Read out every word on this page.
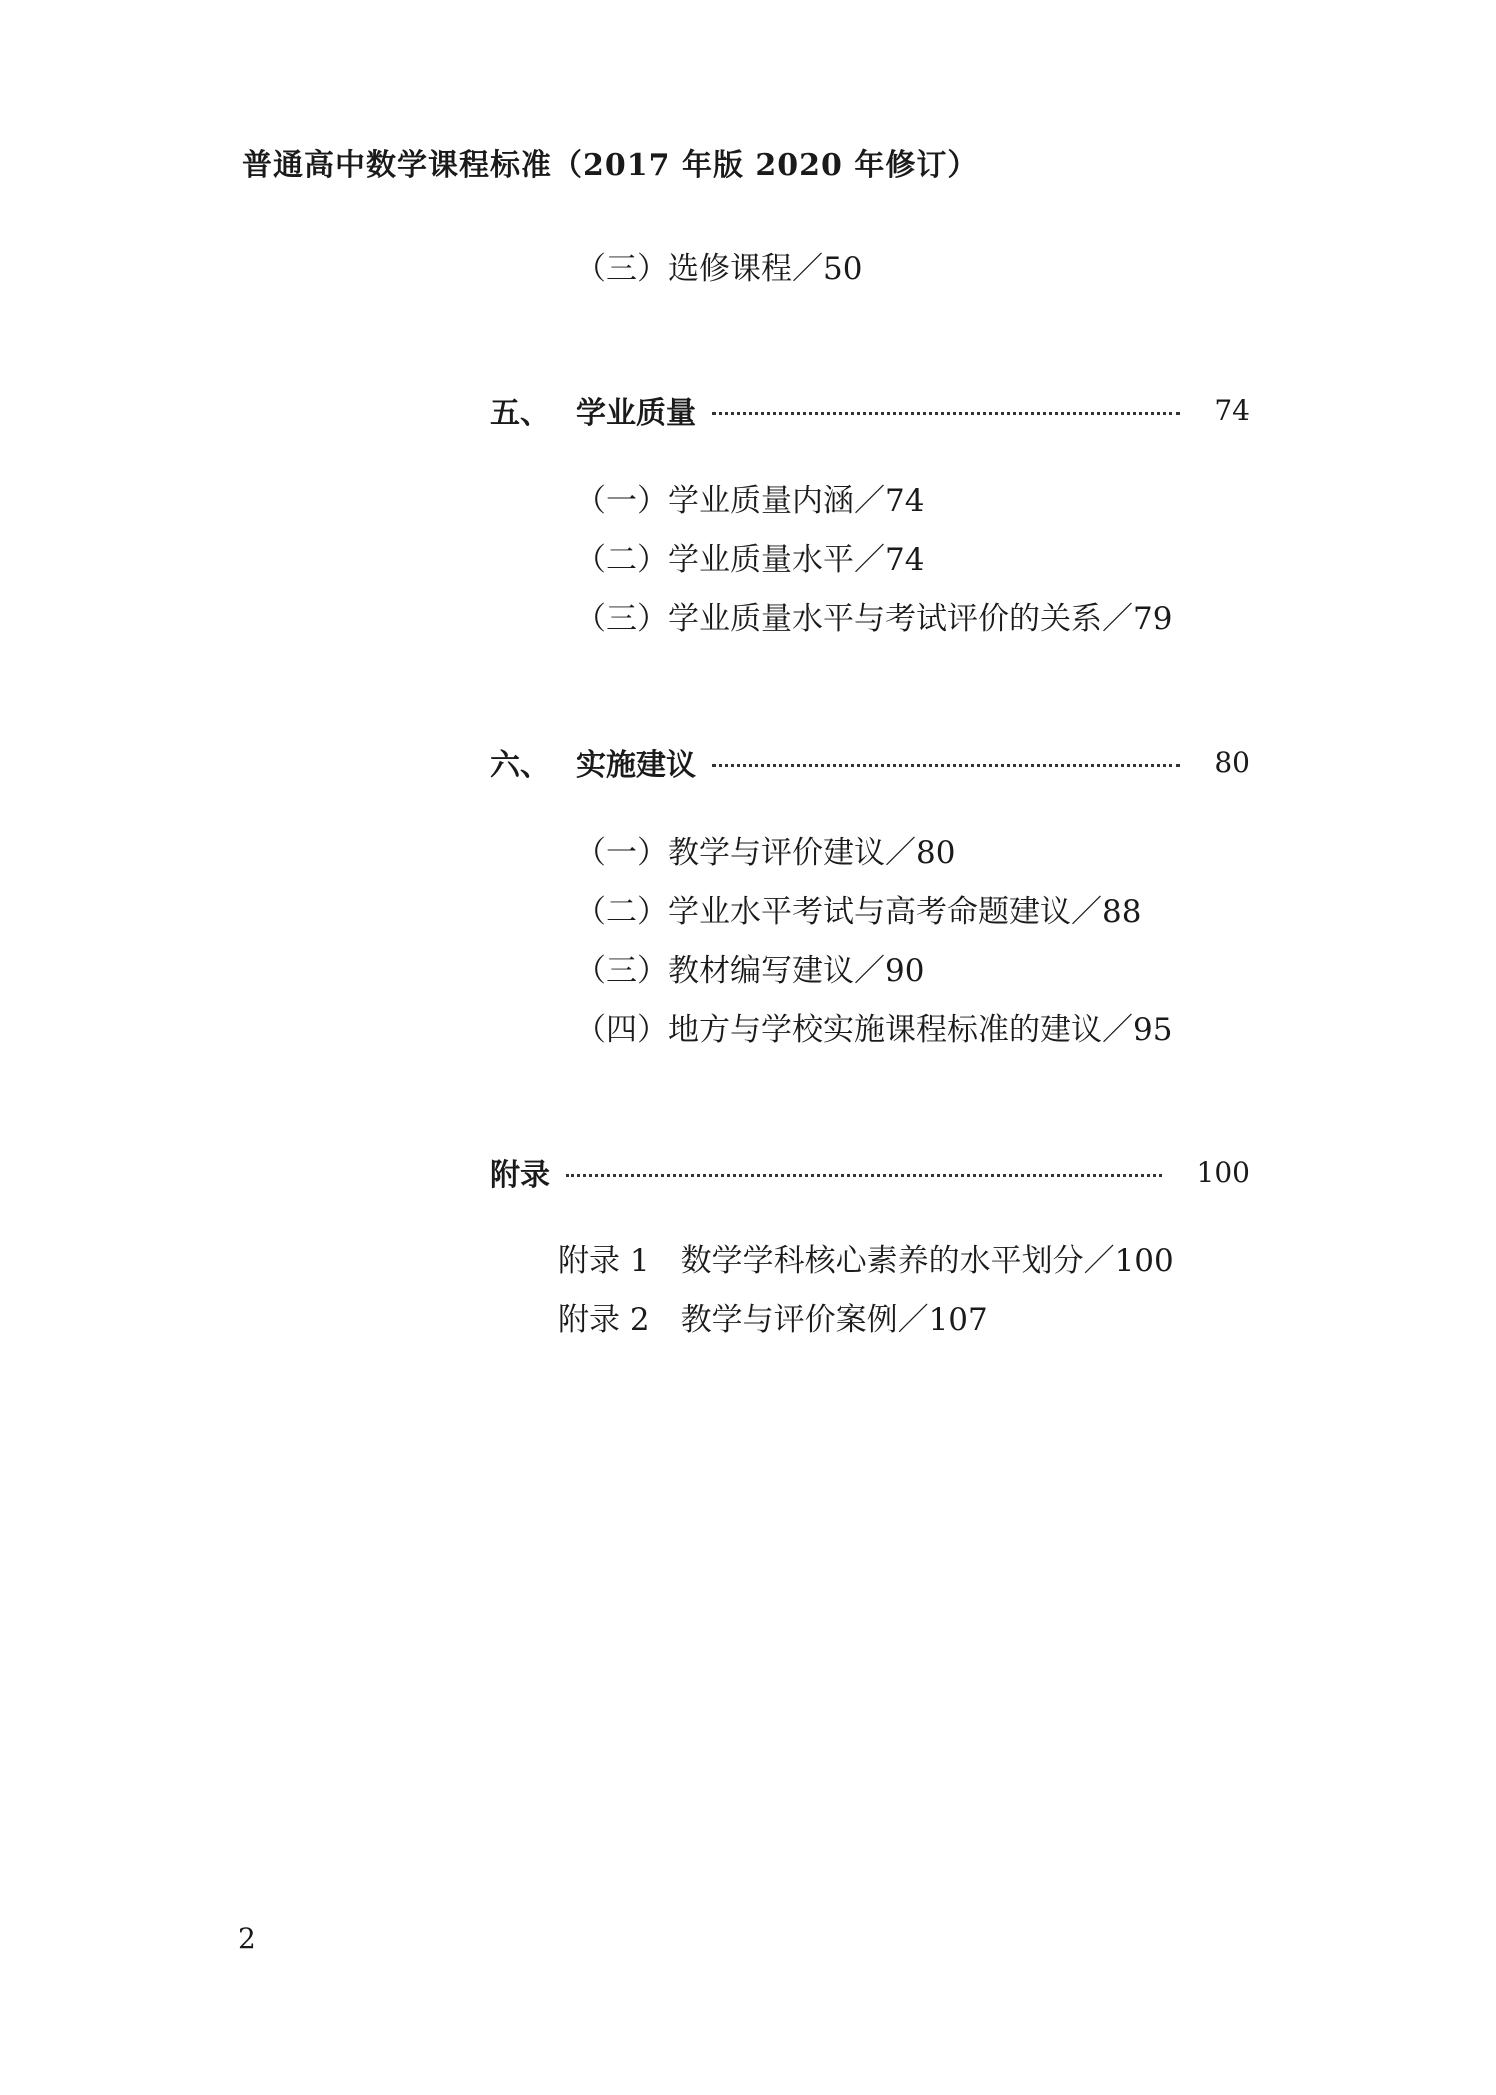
普通高中数学课程标准（2017 年版 2020 年修订）
（三）选修课程／50
五、 学业质量	74
（一）学业质量内涵／74
（二）学业质量水平／74
（三）学业质量水平与考试评价的关系／79
六、 实施建议	80
（一）教学与评价建议／80
（二）学业水平考试与高考命题建议／88
（三）教材编写建议／90
（四）地方与学校实施课程标准的建议／95
附录	100
附录 1　数学学科核心素养的水平划分／100
附录 2　教学与评价案例／107
2
